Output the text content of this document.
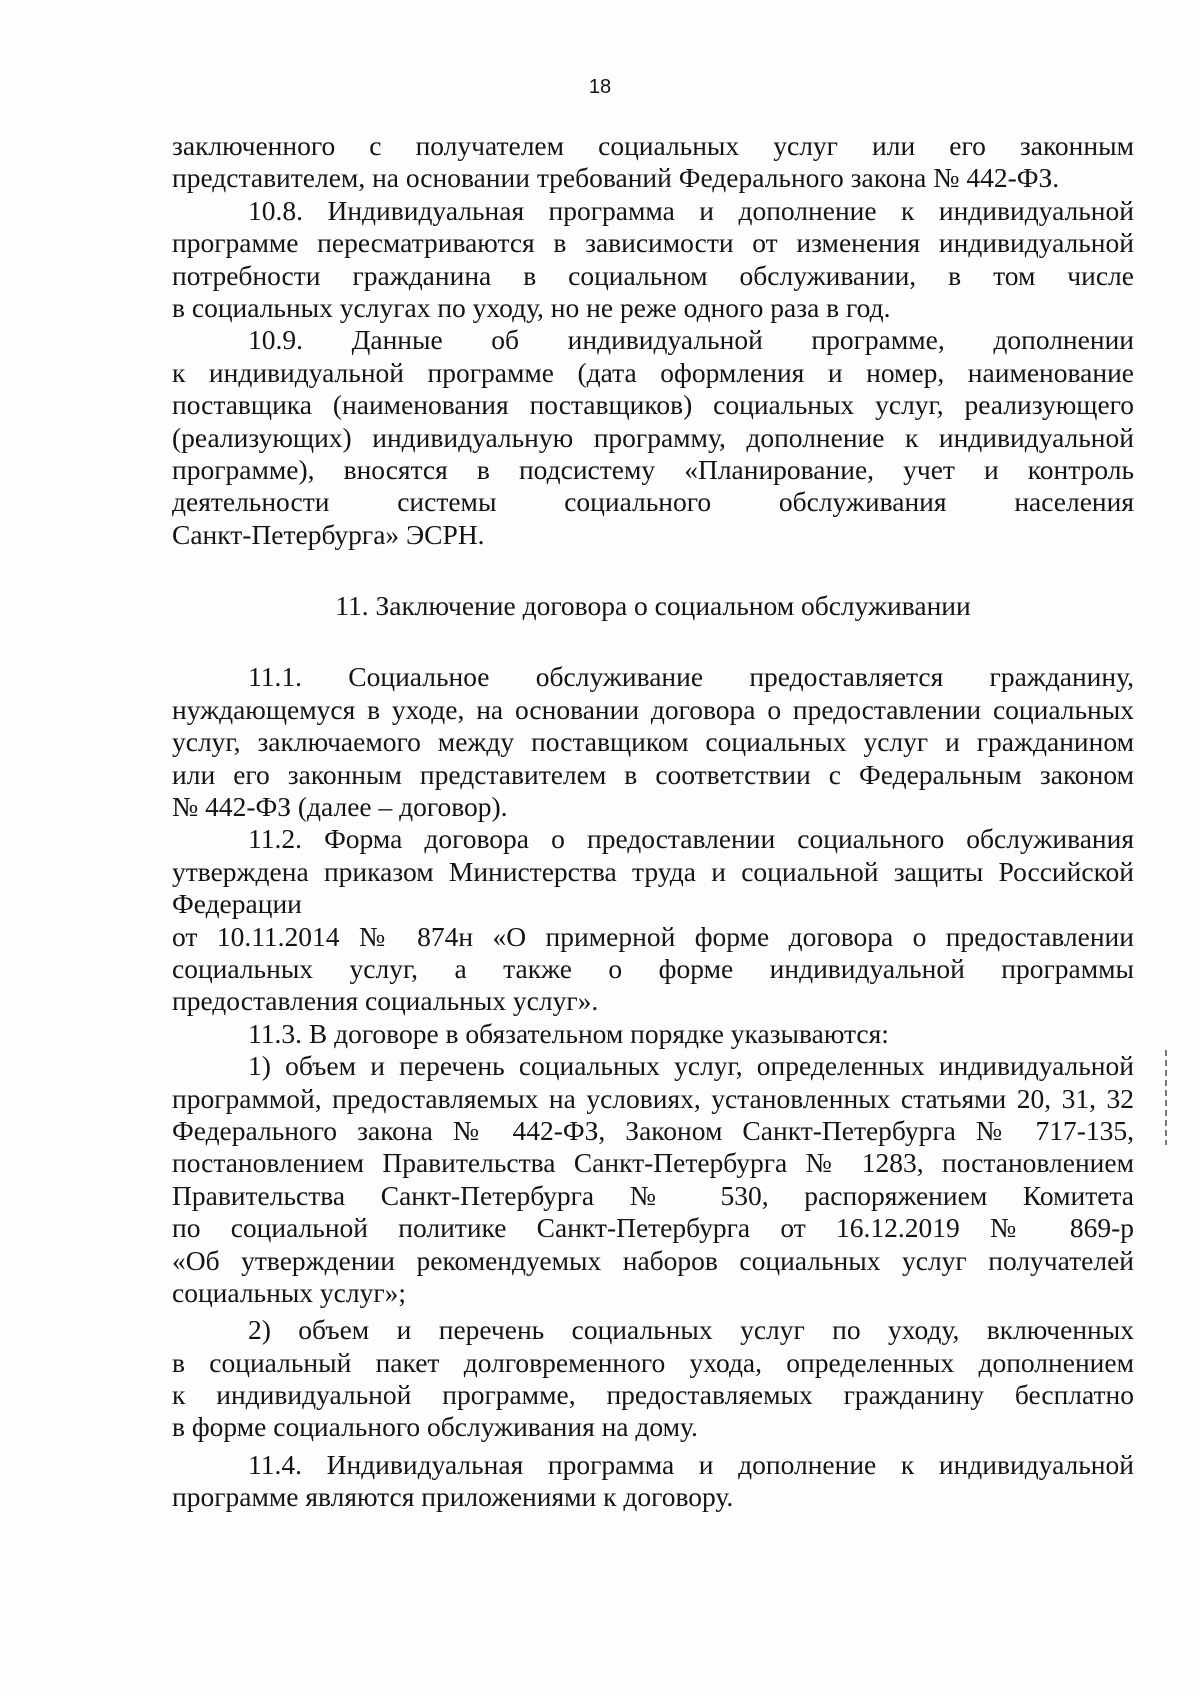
18
заключенного с получателем социальных услуг или его законным
представителем, на основании требований Федерального закона № 442-ФЗ.
10.8. Индивидуальная программа и дополнение к индивидуальной
программе пересматриваются в зависимости от изменения индивидуальной
потребности гражданина в социальном обслуживании, в том числе
в социальных услугах по уходу, но не реже одного раза в год.
10.9. Данные об индивидуальной программе, дополнении
к индивидуальной программе (дата оформления и номер, наименование
поставщика (наименования поставщиков) социальных услуг, реализующего
(реализующих) индивидуальную программу, дополнение к индивидуальной
программе), вносятся в подсистему «Планирование, учет и контроль
деятельности системы социального обслуживания населения
Санкт-Петербурга» ЭСРН.
11. Заключение договора о социальном обслуживании
11.1. Социальное обслуживание предоставляется гражданину,
нуждающемуся в уходе, на основании договора о предоставлении социальных
услуг, заключаемого между поставщиком социальных услуг и гражданином
или его законным представителем в соответствии с Федеральным законом
№ 442-ФЗ (далее – договор).
11.2. Форма договора о предоставлении социального обслуживания
утверждена приказом Министерства труда и социальной защиты Российской
Федерации
от 10.11.2014 № 874н «О примерной форме договора о предоставлении
социальных услуг, а также о форме индивидуальной программы
предоставления социальных услуг».
11.3. В договоре в обязательном порядке указываются:
1) объем и перечень социальных услуг, определенных индивидуальной
программой, предоставляемых на условиях, установленных статьями 20, 31, 32
Федерального закона № 442-ФЗ, Законом Санкт-Петербурга № 717-135,
постановлением Правительства Санкт-Петербурга № 1283, постановлением
Правительства Санкт-Петербурга № 530, распоряжением Комитета
по социальной политике Санкт-Петербурга от 16.12.2019 № 869-р
«Об утверждении рекомендуемых наборов социальных услуг получателей
социальных услуг»;
2) объем и перечень социальных услуг по уходу, включенных
в социальный пакет долговременного ухода, определенных дополнением
к индивидуальной программе, предоставляемых гражданину бесплатно
в форме социального обслуживания на дому.
11.4. Индивидуальная программа и дополнение к индивидуальной
программе являются приложениями к договору.
